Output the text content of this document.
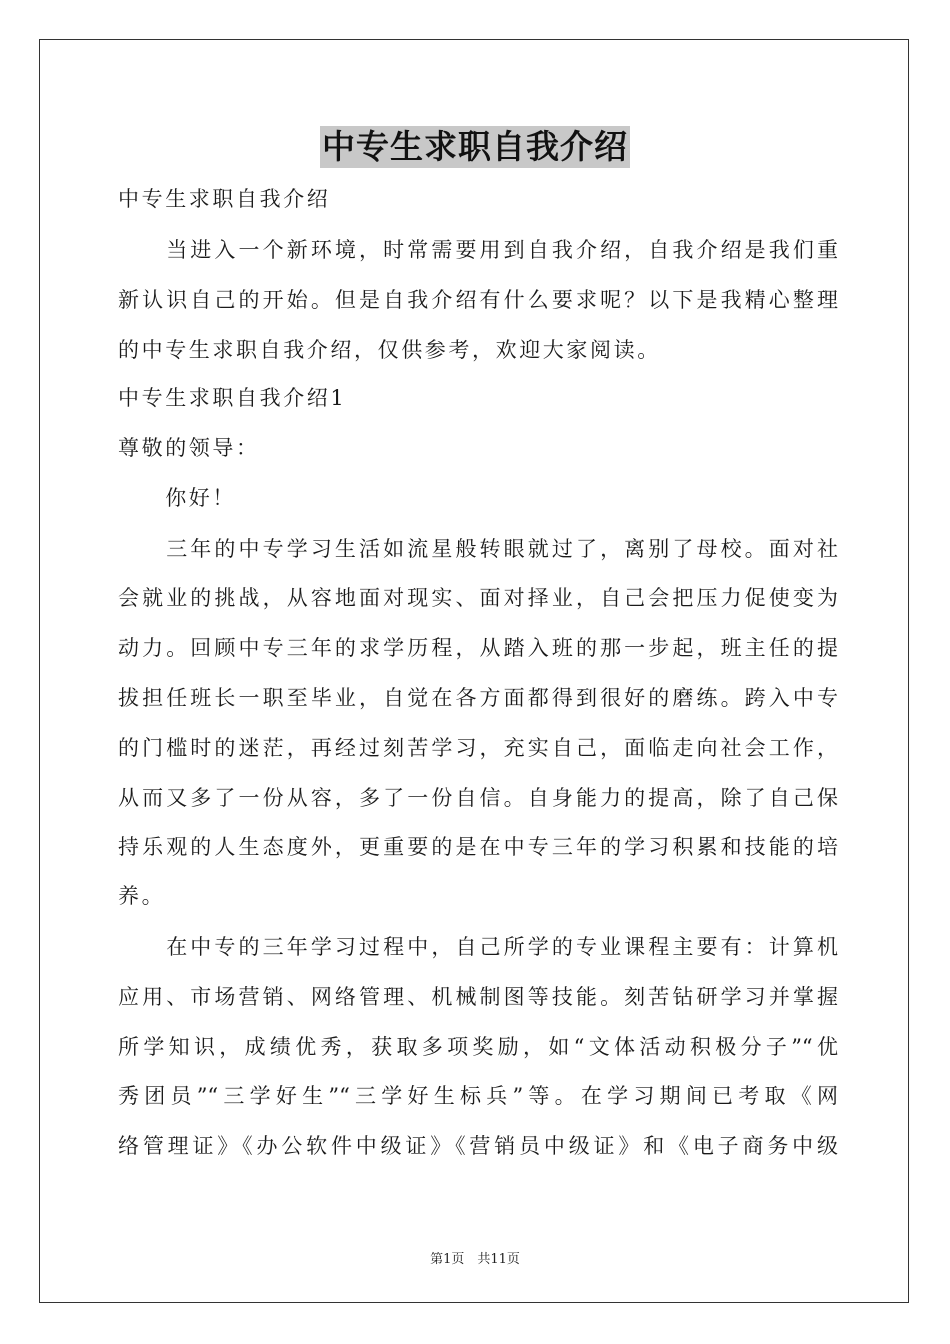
中专生求职自我介绍
中专生求职自我介绍
　　当进入一个新环境，时常需要用到自我介绍，自我介绍是我们重
新认识自己的开始。但是自我介绍有什么要求呢？以下是我精心整理
的中专生求职自我介绍，仅供参考，欢迎大家阅读。
中专生求职自我介绍1
尊敬的领导：
　　你好！
　　三年的中专学习生活如流星般转眼就过了，离别了母校。面对社
会就业的挑战，从容地面对现实、面对择业，自己会把压力促使变为
动力。回顾中专三年的求学历程，从踏入班的那一步起，班主任的提
拔担任班长一职至毕业，自觉在各方面都得到很好的磨练。跨入中专
的门槛时的迷茫，再经过刻苦学习，充实自己，面临走向社会工作，
从而又多了一份从容，多了一份自信。自身能力的提高，除了自己保
持乐观的人生态度外，更重要的是在中专三年的学习积累和技能的培
养。
　　在中专的三年学习过程中，自己所学的专业课程主要有：计算机
应用、市场营销、网络管理、机械制图等技能。刻苦钻研学习并掌握
所学知识，成绩优秀，获取多项奖励，如“文体活动积极分子”“优
秀团员”“三学好生”“三学好生标兵”等。在学习期间已考取《网
络管理证》《办公软件中级证》《营销员中级证》和《电子商务中级
第1页　共11页
